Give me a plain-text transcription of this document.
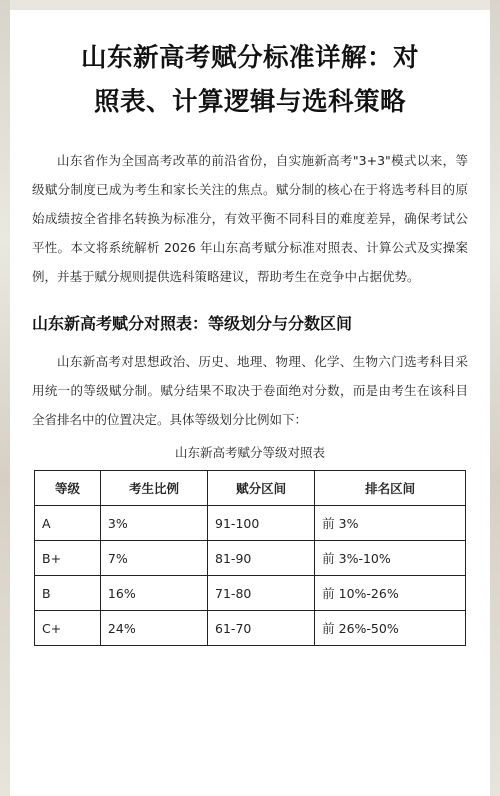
山东新高考赋分标准详解：对
照表、计算逻辑与选科策略

山东省作为全国高考改革的前沿省份，自实施新高考"3+3"模式以来，等级赋分制度已成为考生和家长关注的焦点。赋分制的核心在于将选考科目的原始成绩按全省排名转换为标准分，有效平衡不同科目的难度差异，确保考试公平性。本文将系统解析 2026 年山东高考赋分标准对照表、计算公式及实操案例，并基于赋分规则提供选科策略建议，帮助考生在竞争中占据优势。

山东新高考赋分对照表：等级划分与分数区间

山东新高考对思想政治、历史、地理、物理、化学、生物六门选考科目采用统一的等级赋分制。赋分结果不取决于卷面绝对分数，而是由考生在该科目全省排名中的位置决定。具体等级划分比例如下：

山东新高考赋分等级对照表
等级	考生比例	赋分区间	排名区间
A	3%	91-100	前 3%
B+	7%	81-90	前 3%-10%
B	16%	71-80	前 10%-26%
C+	24%	61-70	前 26%-50%
